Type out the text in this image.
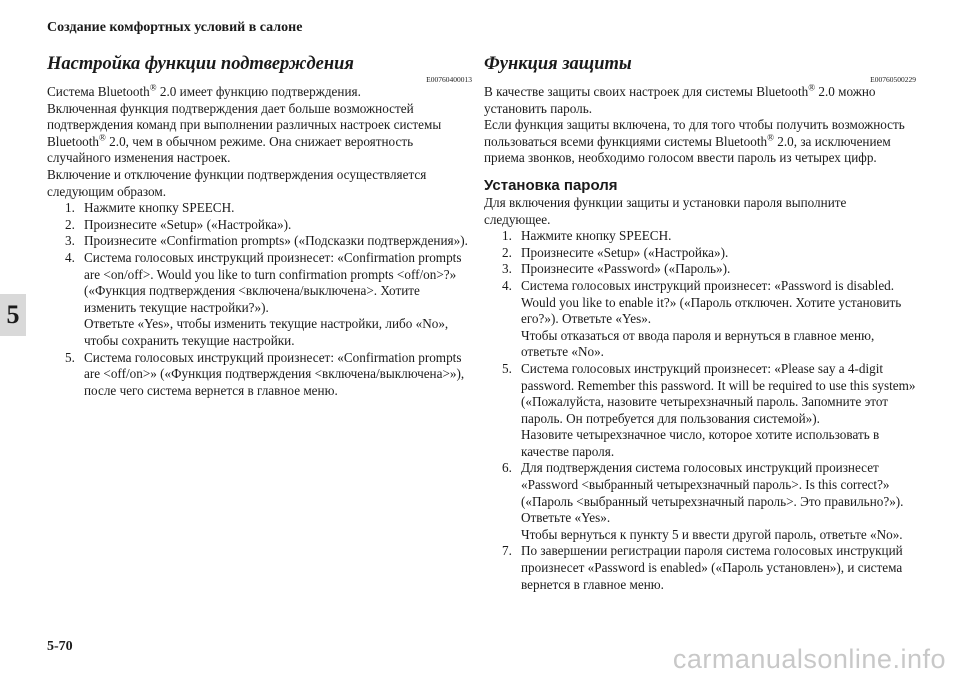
Создание комфортных условий в салоне
5
Настройка функции подтверждения
E00760400013

Система Bluetooth® 2.0 имеет функцию подтверждения.

Включенная функция подтверждения дает больше возможностей подтверждения команд при выполнении различных настроек системы Bluetooth® 2.0, чем в обычном режиме. Она снижает вероятность случайного изменения настроек.

Включение и отключение функции подтверждения осуществляется следующим образом.

1. Нажмите кнопку SPEECH.
2. Произнесите «Setup» («Настройка»).
3. Произнесите «Confirmation prompts» («Подсказки подтверждения»).
4. Система голосовых инструкций произнесет: «Confirmation prompts are <on/off>. Would you like to turn confirmation prompts <off/on>?» («Функция подтверждения <включена/выключена>. Хотите изменить текущие настройки?»).
Ответьте «Yes», чтобы изменить текущие настройки, либо «No», чтобы сохранить текущие настройки.
5. Система голосовых инструкций произнесет: «Confirmation prompts are <off/on>» («Функция подтверждения <включена/выключена>»), после чего система вернется в главное меню.
Функция защиты
E00760500229

В качестве защиты своих настроек для системы Bluetooth® 2.0 можно установить пароль.

Если функция защиты включена, то для того чтобы получить возможность пользоваться всеми функциями системы Bluetooth® 2.0, за исключением приема звонков, необходимо голосом ввести пароль из четырех цифр.

Установка пароля

Для включения функции защиты и установки пароля выполните следующее.

1. Нажмите кнопку SPEECH.
2. Произнесите «Setup» («Настройка»).
3. Произнесите «Password» («Пароль»).
4. Система голосовых инструкций произнесет: «Password is disabled. Would you like to enable it?» («Пароль отключен. Хотите установить его?»). Ответьте «Yes».
Чтобы отказаться от ввода пароля и вернуться в главное меню, ответьте «No».
5. Система голосовых инструкций произнесет: «Please say a 4-digit password. Remember this password. It will be required to use this system» («Пожалуйста, назовите четырехзначный пароль. Запомните этот пароль. Он потребуется для пользования системой»).
Назовите четырехзначное число, которое хотите использовать в качестве пароля.
6. Для подтверждения система голосовых инструкций произнесет «Password <выбранный четырехзначный пароль>. Is this correct?» («Пароль <выбранный четырехзначный пароль>. Это правильно?»). Ответьте «Yes».
Чтобы вернуться к пункту 5 и ввести другой пароль, ответьте «No».
7. По завершении регистрации пароля система голосовых инструкций произнесет «Password is enabled» («Пароль установлен»), и система вернется в главное меню.
5-70	carmanualsonline.info
